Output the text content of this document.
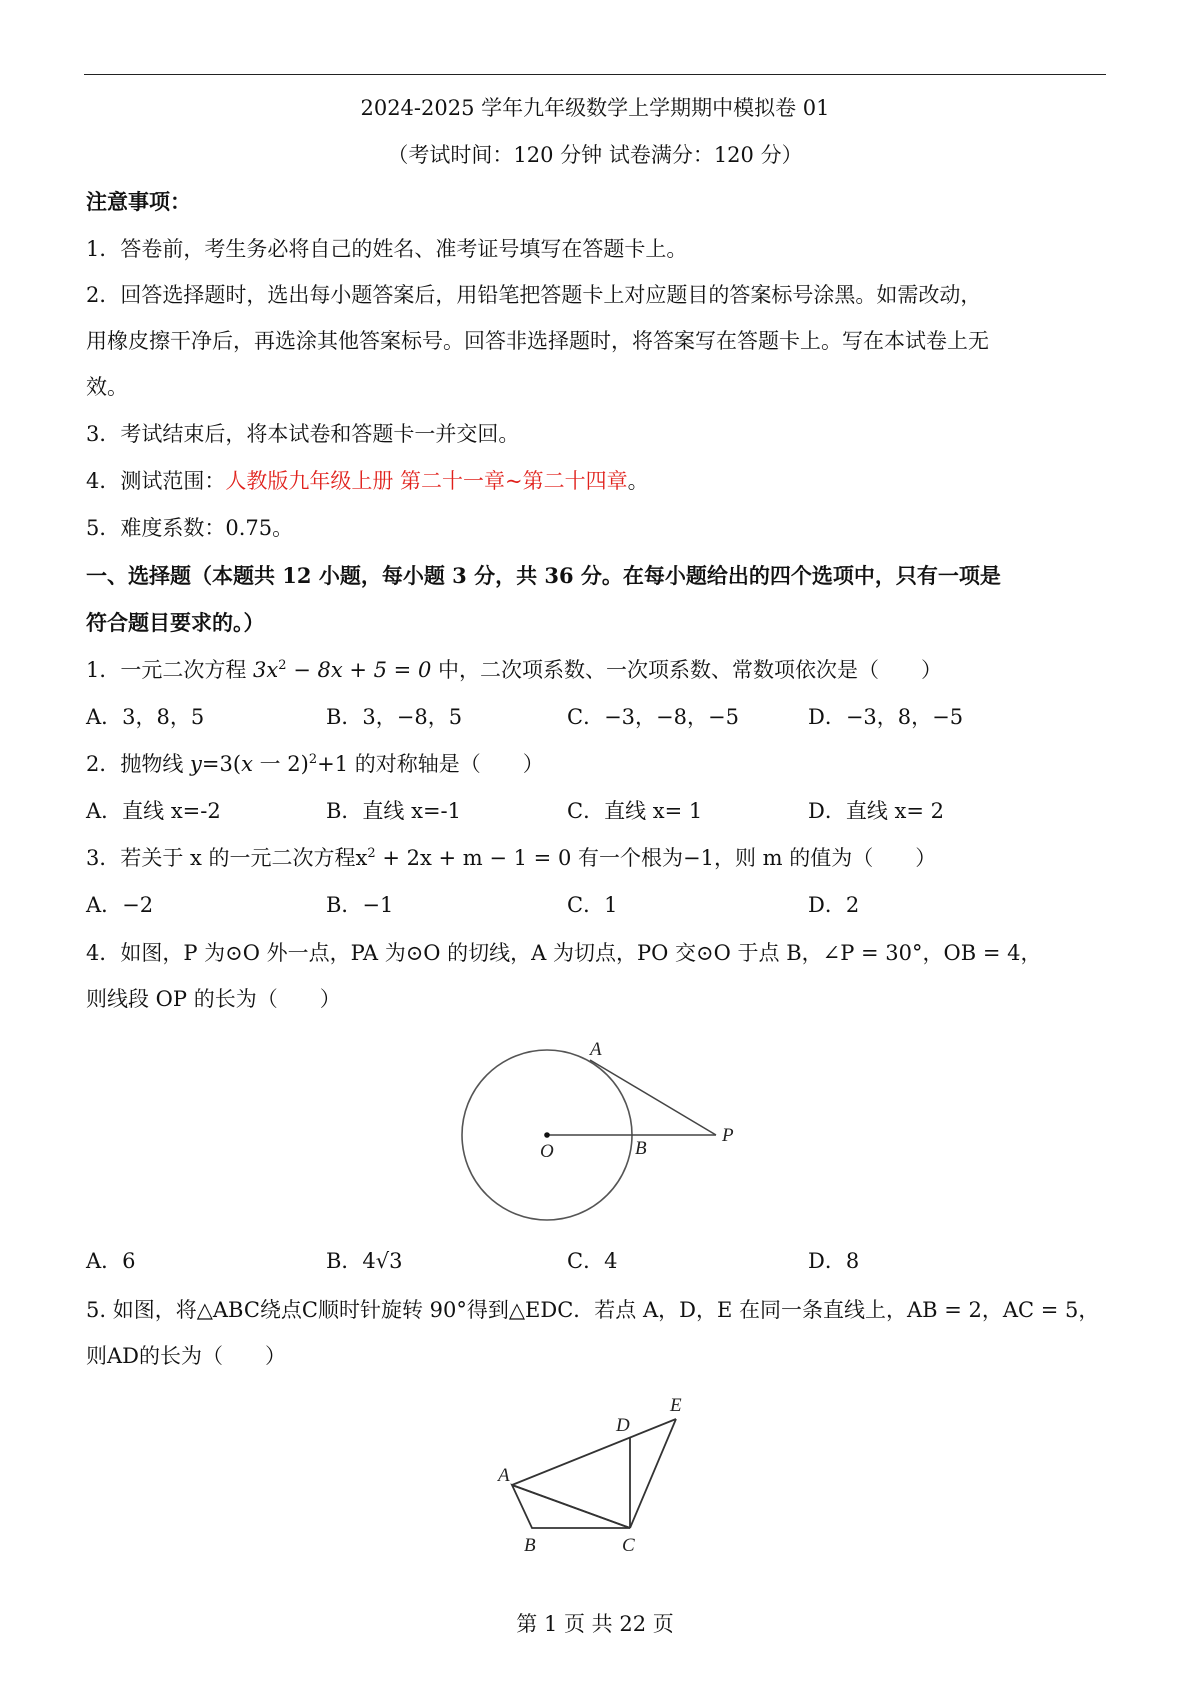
2024-2025 学年九年级数学上学期期中模拟卷 01
（考试时间：120 分钟 试卷满分：120 分）
注意事项：
1．答卷前，考生务必将自己的姓名、准考证号填写在答题卡上。
2．回答选择题时，选出每小题答案后，用铅笔把答题卡上对应题目的答案标号涂黑。如需改动，
用橡皮擦干净后，再选涂其他答案标号。回答非选择题时，将答案写在答题卡上。写在本试卷上无
效。
3．考试结束后，将本试卷和答题卡一并交回。
4．测试范围：人教版九年级上册 第二十一章~第二十四章。
5．难度系数：0.75。
一、选择题（本题共 12 小题，每小题 3 分，共 36 分。在每小题给出的四个选项中，只有一项是
符合题目要求的。）
1．一元二次方程 $3x^2 - 8x + 5 = 0$ 中，二次项系数、一次项系数、常数项依次是（　　）
A．3，8，5	B．3，−8，5	C．−3，−8，−5	D．−3，8，−5
2．抛物线 y=3(x 一 2)$^2$+1 的对称轴是（　　）
A．直线 x=-2	B．直线 x=-1	C．直线 x= 1	D．直线 x= 2
3．若关于 x 的一元二次方程$x^2 + 2x + m - 1 = 0$ 有一个根为−1，则 m 的值为（　　）
A．−2	B．−1	C．1	D．2
4．如图，P 为⊙O 外一点，PA 为⊙O 的切线，A 为切点，PO 交⊙O 于点 B，∠P = 30°，OB = 4，
则线段 OP 的长为（　　）
A
O	B
P
A．6	B．4√3	C．4	D．8
5. 如图，将△ABC绕点C顺时针旋转 90°得到△EDC．若点 A，D，E 在同一条直线上，AB = 2，AC = 5，
则AD的长为（　　）
A
B	C
D
E
第 1 页 共 22 页
